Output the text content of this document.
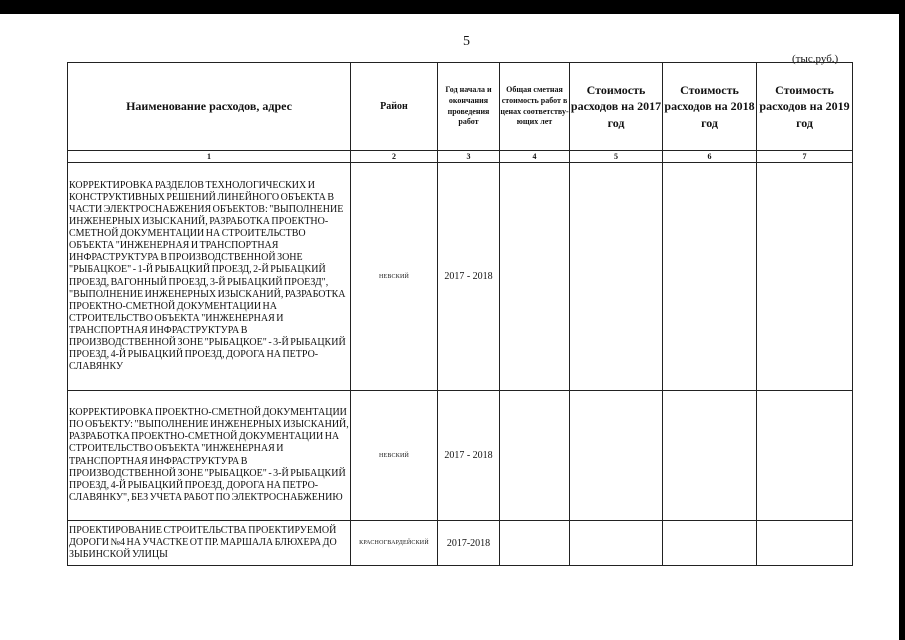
5
(тыс.руб.)
Наименование расходов, адрес	Район	Год начала и окончания проведения работ	Общая сметная стоимость работ в ценах соответству- ющих лет	Стоимость расходов на 2017 год	Стоимость расходов на 2018 год	Стоимость расходов на 2019 год
1	2	3	4	5	6	7
КОРРЕКТИРОВКА РАЗДЕЛОВ ТЕХНОЛОГИЧЕСКИХ И КОНСТРУКТИВНЫХ РЕШЕНИЙ ЛИНЕЙНОГО ОБЪЕКТА В ЧАСТИ ЭЛЕКТРОСНАБЖЕНИЯ ОБЪЕКТОВ: "ВЫПОЛНЕНИЕ ИНЖЕНЕРНЫХ ИЗЫСКАНИЙ, РАЗРАБОТКА ПРОЕКТНО-СМЕТНОЙ ДОКУМЕНТАЦИИ НА СТРОИТЕЛЬСТВО ОБЪЕКТА "ИНЖЕНЕРНАЯ И ТРАНСПОРТНАЯ ИНФРАСТРУКТУРА В ПРОИЗВОДСТВЕННОЙ ЗОНЕ "РЫБАЦКОЕ" - 1-Й РЫБАЦКИЙ ПРОЕЗД, 2-Й РЫБАЦКИЙ ПРОЕЗД, ВАГОННЫЙ ПРОЕЗД, 3-Й РЫБАЦКИЙ ПРОЕЗД", "ВЫПОЛНЕНИЕ ИНЖЕНЕРНЫХ ИЗЫСКАНИЙ, РАЗРАБОТКА ПРОЕКТНО-СМЕТНОЙ ДОКУМЕНТАЦИИ НА СТРОИТЕЛЬСТВО ОБЪЕКТА "ИНЖЕНЕРНАЯ И ТРАНСПОРТНАЯ ИНФРАСТРУКТУРА В ПРОИЗВОДСТВЕННОЙ ЗОНЕ "РЫБАЦКОЕ" - 3-Й РЫБАЦКИЙ ПРОЕЗД, 4-Й РЫБАЦКИЙ ПРОЕЗД, ДОРОГА НА ПЕТРО-СЛАВЯНКУ	НЕВСКИЙ	2017 - 2018				
КОРРЕКТИРОВКА ПРОЕКТНО-СМЕТНОЙ ДОКУМЕНТАЦИИ ПО ОБЪЕКТУ: "ВЫПОЛНЕНИЕ ИНЖЕНЕРНЫХ ИЗЫСКАНИЙ, РАЗРАБОТКА ПРОЕКТНО-СМЕТНОЙ ДОКУМЕНТАЦИИ НА СТРОИТЕЛЬСТВО ОБЪЕКТА "ИНЖЕНЕРНАЯ И ТРАНСПОРТНАЯ ИНФРАСТРУКТУРА В ПРОИЗВОДСТВЕННОЙ ЗОНЕ "РЫБАЦКОЕ" - 3-Й РЫБАЦКИЙ ПРОЕЗД, 4-Й РЫБАЦКИЙ ПРОЕЗД, ДОРОГА НА ПЕТРО-СЛАВЯНКУ", БЕЗ УЧЕТА РАБОТ ПО ЭЛЕКТРОСНАБЖЕНИЮ	НЕВСКИЙ	2017 - 2018				
ПРОЕКТИРОВАНИЕ СТРОИТЕЛЬСТВА ПРОЕКТИРУЕМОЙ ДОРОГИ №4 НА УЧАСТКЕ ОТ ПР. МАРШАЛА БЛЮХЕРА ДО ЗЫБИНСКОЙ УЛИЦЫ	КРАСНОГВАРДЕЙСКИЙ	2017-2018				
